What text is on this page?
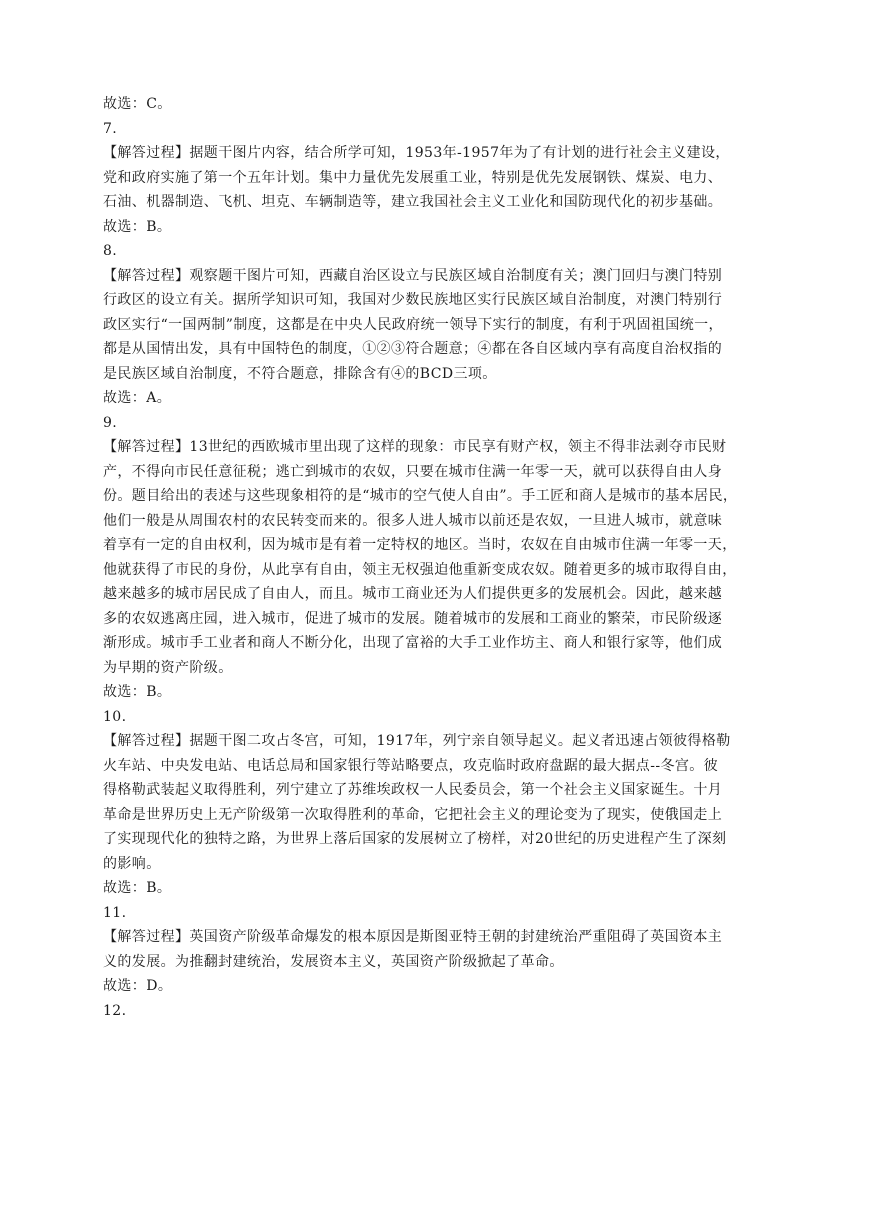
故选：C。
7.
【解答过程】据题干图片内容，结合所学可知，1953年-1957年为了有计划的进行社会主义建设，
党和政府实施了第一个五年计划。集中力量优先发展重工业，特别是优先发展钢铁、煤炭、电力、
石油、机器制造、飞机、坦克、车辆制造等，建立我国社会主义工业化和国防现代化的初步基础。
故选：B。
8.
【解答过程】观察题干图片可知，西藏自治区设立与民族区域自治制度有关；澳门回归与澳门特别
行政区的设立有关。据所学知识可知，我国对少数民族地区实行民族区域自治制度，对澳门特别行
政区实行“一国两制”制度，这都是在中央人民政府统一领导下实行的制度，有利于巩固祖国统一，
都是从国情出发，具有中国特色的制度，①②③符合题意；④都在各自区域内享有高度自治权指的
是民族区域自治制度，不符合题意，排除含有④的BCD三项。
故选：A。
9.
【解答过程】13世纪的西欧城市里出现了这样的现象：市民享有财产权，领主不得非法剥夺市民财
产，不得向市民任意征税；逃亡到城市的农奴，只要在城市住满一年零一天，就可以获得自由人身
份。题目给出的表述与这些现象相符的是“城市的空气使人自由”。手工匠和商人是城市的基本居民，
他们一般是从周围农村的农民转变而来的。很多人进人城市以前还是农奴，一旦进人城市，就意味
着享有一定的自由权利，因为城市是有着一定特权的地区。当时，农奴在自由城市住满一年零一天，
他就获得了市民的身份，从此享有自由，领主无权强迫他重新变成农奴。随着更多的城市取得自由，
越来越多的城市居民成了自由人，而且。城市工商业还为人们提供更多的发展机会。因此，越来越
多的农奴逃离庄园，进入城市，促进了城市的发展。随着城市的发展和工商业的繁荣，市民阶级逐
渐形成。城市手工业者和商人不断分化，出现了富裕的大手工业作坊主、商人和银行家等，他们成
为早期的资产阶级。
故选：B。
10.
【解答过程】据题干图二攻占冬宫，可知，1917年，列宁亲自领导起义。起义者迅速占领彼得格勒
火车站、中央发电站、电话总局和国家银行等站略要点，攻克临时政府盘踞的最大据点--冬宫。彼
得格勒武装起义取得胜利，列宁建立了苏维埃政权一人民委员会，第一个社会主义国家诞生。十月
革命是世界历史上无产阶级第一次取得胜利的革命，它把社会主义的理论变为了现实，使俄国走上
了实现现代化的独特之路，为世界上落后国家的发展树立了榜样，对20世纪的历史进程产生了深刻
的影响。
故选：B。
11.
【解答过程】英国资产阶级革命爆发的根本原因是斯图亚特王朝的封建统治严重阻碍了英国资本主
义的发展。为推翻封建统治，发展资本主义，英国资产阶级掀起了革命。
故选：D。
12.
